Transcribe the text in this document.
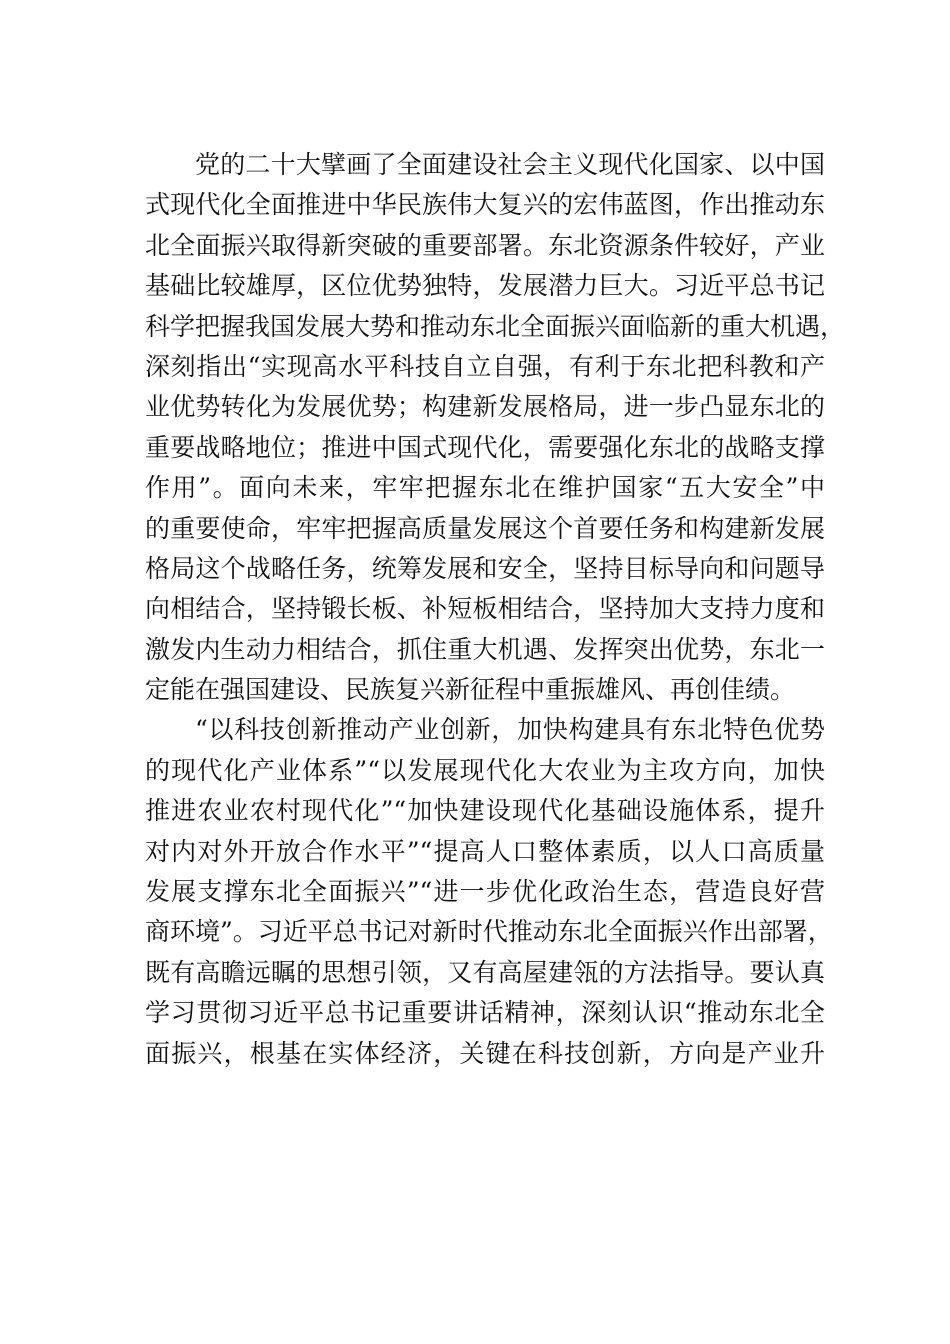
党的二十大擘画了全面建设社会主义现代化国家、以中国
式现代化全面推进中华民族伟大复兴的宏伟蓝图，作出推动东
北全面振兴取得新突破的重要部署。东北资源条件较好，产业
基础比较雄厚，区位优势独特，发展潜力巨大。习近平总书记
科学把握我国发展大势和推动东北全面振兴面临新的重大机遇，
深刻指出“实现高水平科技自立自强，有利于东北把科教和产
业优势转化为发展优势；构建新发展格局，进一步凸显东北的
重要战略地位；推进中国式现代化，需要强化东北的战略支撑
作用”。面向未来，牢牢把握东北在维护国家“五大安全”中
的重要使命，牢牢把握高质量发展这个首要任务和构建新发展
格局这个战略任务，统筹发展和安全，坚持目标导向和问题导
向相结合，坚持锻长板、补短板相结合，坚持加大支持力度和
激发内生动力相结合，抓住重大机遇、发挥突出优势，东北一
定能在强国建设、民族复兴新征程中重振雄风、再创佳绩。
“以科技创新推动产业创新，加快构建具有东北特色优势
的现代化产业体系”“以发展现代化大农业为主攻方向，加快
推进农业农村现代化”“加快建设现代化基础设施体系，提升
对内对外开放合作水平”“提高人口整体素质，以人口高质量
发展支撑东北全面振兴”“进一步优化政治生态，营造良好营
商环境”。习近平总书记对新时代推动东北全面振兴作出部署，
既有高瞻远瞩的思想引领，又有高屋建瓴的方法指导。要认真
学习贯彻习近平总书记重要讲话精神，深刻认识“推动东北全
面振兴，根基在实体经济，关键在科技创新，方向是产业升
